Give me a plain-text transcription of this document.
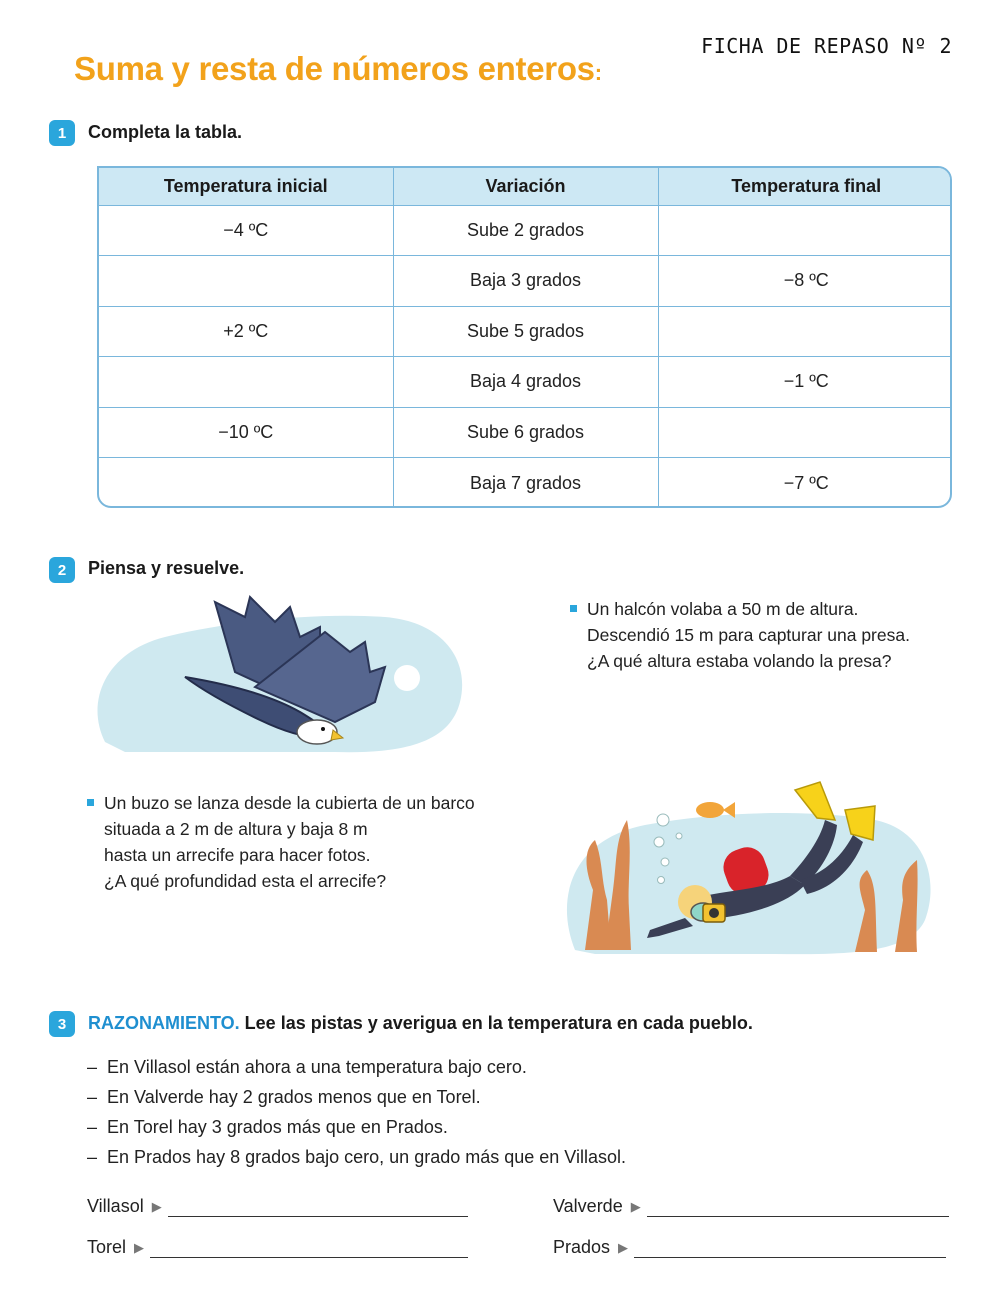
FICHA DE REPASO Nº 2
Suma y resta de números enteros:
1	Completa la tabla.
Temperatura inicial	Variación	Temperatura final
−4 ºC	Sube 2 grados	
	Baja 3 grados	−8 ºC
+2 ºC	Sube 5 grados	
	Baja 4 grados	−1 ºC
−10 ºC	Sube 6 grados	
	Baja 7 grados	−7 ºC
2	Piensa y resuelve.
Un halcón volaba a 50 m de altura.
Descendió 15 m para capturar una presa.
¿A qué altura estaba volando la presa?
Un buzo se lanza desde la cubierta de un barco
situada a 2 m de altura y baja 8 m
hasta un arrecife para hacer fotos.
¿A qué profundidad esta el arrecife?
3	RAZONAMIENTO. Lee las pistas y averigua en la temperatura en cada pueblo.
– En Villasol están ahora a una temperatura bajo cero.
– En Valverde hay 2 grados menos que en Torel.
– En Torel hay 3 grados más que en Prados.
– En Prados hay 8 grados bajo cero, un grado más que en Villasol.
Villasol ▶	Valverde ▶
Torel ▶	Prados ▶
